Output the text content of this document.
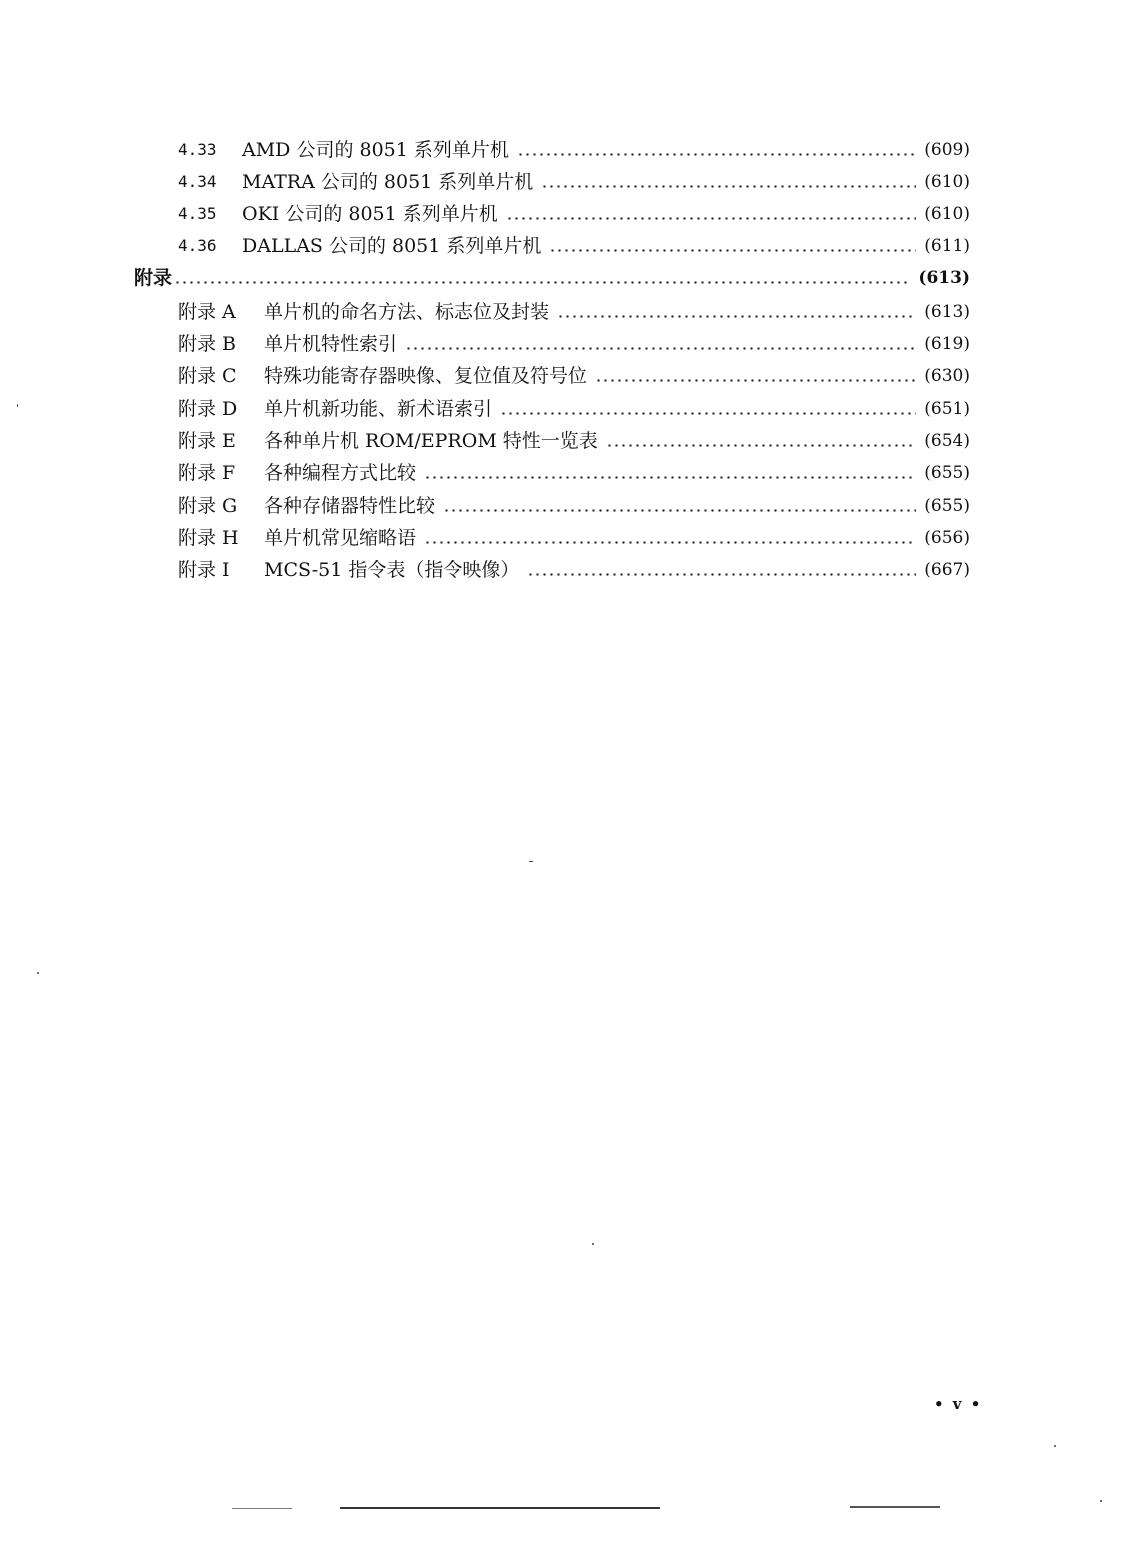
4.33	AMD 公司的 8051 系列单片机	(609)
4.34	MATRA 公司的 8051 系列单片机	(610)
4.35	OKI 公司的 8051 系列单片机	(610)
4.36	DALLAS 公司的 8051 系列单片机	(611)
附录	(613)
附录 A	单片机的命名方法、标志位及封装	(613)
附录 B	单片机特性索引	(619)
附录 C	特殊功能寄存器映像、复位值及符号位	(630)
附录 D	单片机新功能、新术语索引	(651)
附录 E	各种单片机 ROM/EPROM 特性一览表	(654)
附录 F	各种编程方式比较	(655)
附录 G	各种存储器特性比较	(655)
附录 H	单片机常见缩略语	(656)
附录 I	MCS-51 指令表（指令映像）	(667)
• v •
